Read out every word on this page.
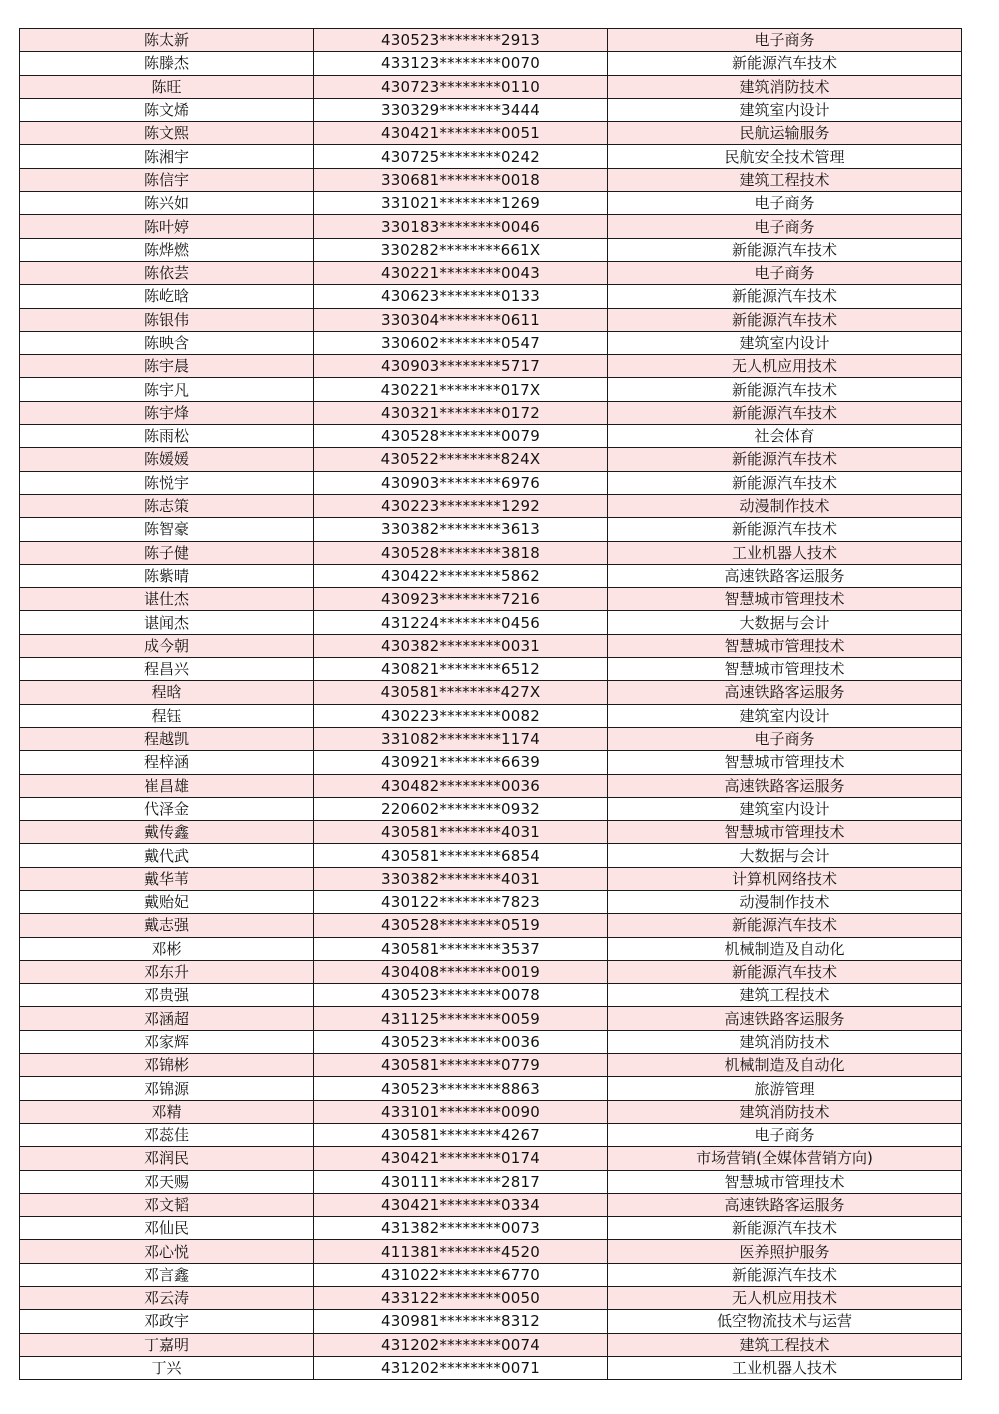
陈太新	430523********2913	电子商务
陈滕杰	433123********0070	新能源汽车技术
陈旺	430723********0110	建筑消防技术
陈文烯	330329********3444	建筑室内设计
陈文熙	430421********0051	民航运输服务
陈湘宇	430725********0242	民航安全技术管理
陈信宇	330681********0018	建筑工程技术
陈兴如	331021********1269	电子商务
陈叶婷	330183********0046	电子商务
陈烨燃	330282********661X	新能源汽车技术
陈依芸	430221********0043	电子商务
陈屹晗	430623********0133	新能源汽车技术
陈银伟	330304********0611	新能源汽车技术
陈映含	330602********0547	建筑室内设计
陈宇晨	430903********5717	无人机应用技术
陈宇凡	430221********017X	新能源汽车技术
陈宇烽	430321********0172	新能源汽车技术
陈雨松	430528********0079	社会体育
陈媛媛	430522********824X	新能源汽车技术
陈悦宇	430903********6976	新能源汽车技术
陈志策	430223********1292	动漫制作技术
陈智豪	330382********3613	新能源汽车技术
陈子健	430528********3818	工业机器人技术
陈紫晴	430422********5862	高速铁路客运服务
谌仕杰	430923********7216	智慧城市管理技术
谌闻杰	431224********0456	大数据与会计
成今朝	430382********0031	智慧城市管理技术
程昌兴	430821********6512	智慧城市管理技术
程晗	430581********427X	高速铁路客运服务
程钰	430223********0082	建筑室内设计
程越凯	331082********1174	电子商务
程梓涵	430921********6639	智慧城市管理技术
崔昌雄	430482********0036	高速铁路客运服务
代泽金	220602********0932	建筑室内设计
戴传鑫	430581********4031	智慧城市管理技术
戴代武	430581********6854	大数据与会计
戴华苇	330382********4031	计算机网络技术
戴贻妃	430122********7823	动漫制作技术
戴志强	430528********0519	新能源汽车技术
邓彬	430581********3537	机械制造及自动化
邓东升	430408********0019	新能源汽车技术
邓贵强	430523********0078	建筑工程技术
邓涵超	431125********0059	高速铁路客运服务
邓家辉	430523********0036	建筑消防技术
邓锦彬	430581********0779	机械制造及自动化
邓锦源	430523********8863	旅游管理
邓精	433101********0090	建筑消防技术
邓蕊佳	430581********4267	电子商务
邓润民	430421********0174	市场营销(全媒体营销方向)
邓天赐	430111********2817	智慧城市管理技术
邓文韬	430421********0334	高速铁路客运服务
邓仙民	431382********0073	新能源汽车技术
邓心悦	411381********4520	医养照护服务
邓言鑫	431022********6770	新能源汽车技术
邓云涛	433122********0050	无人机应用技术
邓政宇	430981********8312	低空物流技术与运营
丁嘉明	431202********0074	建筑工程技术
丁兴	431202********0071	工业机器人技术
